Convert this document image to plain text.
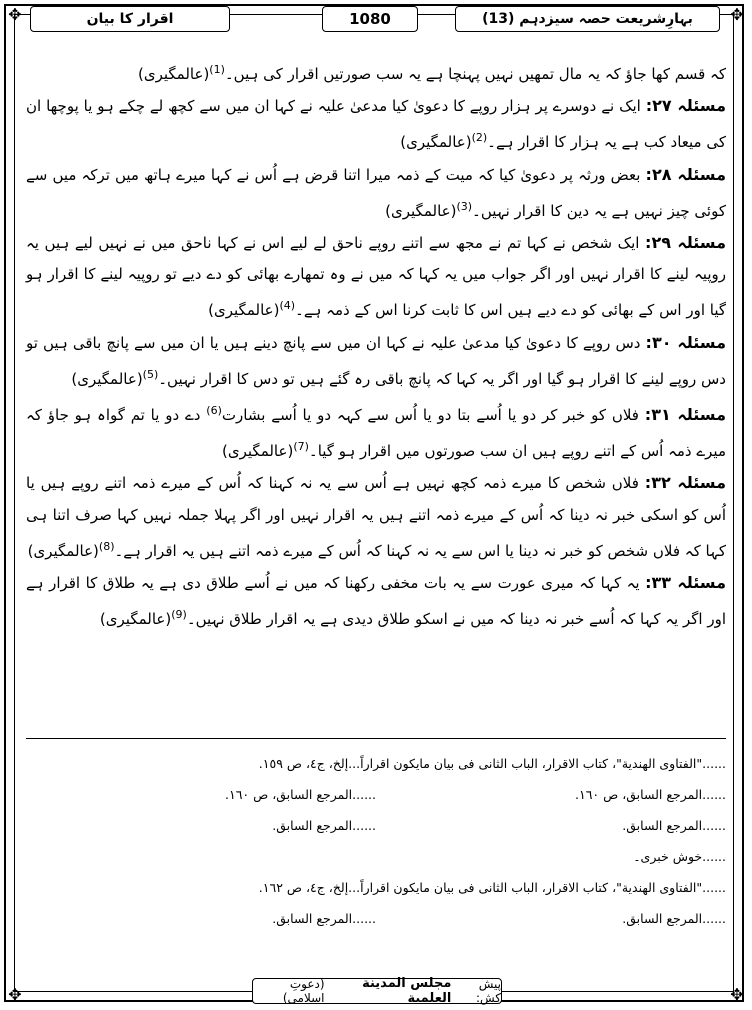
✥	✥
✥	✥
اقرار کا بیان	1080	بہارِشریعت حصہ سیزدہم (13)

کہ قسم کھا جاؤ کہ یہ مال تمھیں نہیں پہنچا ہے یہ سب صورتیں اقرار کی ہیں۔$^{(1)}$(عالمگیری)

مسئلہ ۲۷: ایک نے دوسرے پر ہزار روپے کا دعویٰ کیا مدعیٰ علیہ نے کہا ان میں سے کچھ لے چکے ہو یا پوچھا ان کی میعاد کب ہے یہ ہزار کا اقرار ہے۔$^{(2)}$(عالمگیری)

مسئلہ ۲۸: بعض ورثہ پر دعویٰ کیا کہ میت کے ذمہ میرا اتنا قرض ہے اُس نے کہا میرے ہاتھ میں ترکہ میں سے کوئی چیز نہیں ہے یہ دین کا اقرار نہیں۔$^{(3)}$(عالمگیری)

مسئلہ ۲۹: ایک شخص نے کہا تم نے مجھ سے اتنے روپے ناحق لے لیے اس نے کہا ناحق میں نے نہیں لیے ہیں یہ روپیہ لینے کا اقرار نہیں اور اگر جواب میں یہ کہا کہ میں نے وہ تمھارے بھائی کو دے دیے تو روپیہ لینے کا اقرار ہو گیا اور اس کے بھائی کو دے دیے ہیں اس کا ثابت کرنا اس کے ذمہ ہے۔$^{(4)}$(عالمگیری)

مسئلہ ۳۰: دس روپے کا دعویٰ کیا مدعیٰ علیہ نے کہا ان میں سے پانچ دینے ہیں یا ان میں سے پانچ باقی ہیں تو دس روپے لینے کا اقرار ہو گیا اور اگر یہ کہا کہ پانچ باقی رہ گئے ہیں تو دس کا اقرار نہیں۔$^{(5)}$(عالمگیری)

مسئلہ ۳۱: فلاں کو خبر کر دو یا اُسے بتا دو یا اُس سے کہہ دو یا اُسے بشارت$^{(6)}$ دے دو یا تم گواہ ہو جاؤ کہ میرے ذمہ اُس کے اتنے روپے ہیں ان سب صورتوں میں اقرار ہو گیا۔$^{(7)}$(عالمگیری)

مسئلہ ۳۲: فلاں شخص کا میرے ذمہ کچھ نہیں ہے اُس سے یہ نہ کہنا کہ اُس کے میرے ذمہ اتنے روپے ہیں یا اُس کو اسکی خبر نہ دینا کہ اُس کے میرے ذمہ اتنے ہیں یہ اقرار نہیں اور اگر پہلا جملہ نہیں کہا صرف اتنا ہی کہا کہ فلاں شخص کو خبر نہ دینا یا اس سے یہ نہ کہنا کہ اُس کے میرے ذمہ اتنے ہیں یہ اقرار ہے۔$^{(8)}$(عالمگیری)

مسئلہ ۳۳: یہ کہا کہ میری عورت سے یہ بات مخفی رکھنا کہ میں نے اُسے طلاق دی ہے یہ طلاق کا اقرار ہے اور اگر یہ کہا کہ اُسے خبر نہ دینا کہ میں نے اسکو طلاق دیدی ہے یہ اقرار طلاق نہیں۔$^{(9)}$(عالمگیری)

......"الفتاوی الهندية"، كتاب الاقرار، الباب الثانی فی بیان مایكون اقراراً...إلخ، ج٤، ص ١٥٩.
......المرجع السابق، ص ١٦٠.
......المرجع السابق، ص ١٦٠.
......المرجع السابق.
......المرجع السابق.
......خوش خبری۔
......"الفتاوی الهندية"، كتاب الاقرار، الباب الثانی فی بیان مایكون اقراراً...إلخ، ج٤، ص ١٦٢.
......المرجع السابق.
......المرجع السابق.
پیش کش:
مجلس المدینة العلمیة
(دعوتِ اسلامی)
